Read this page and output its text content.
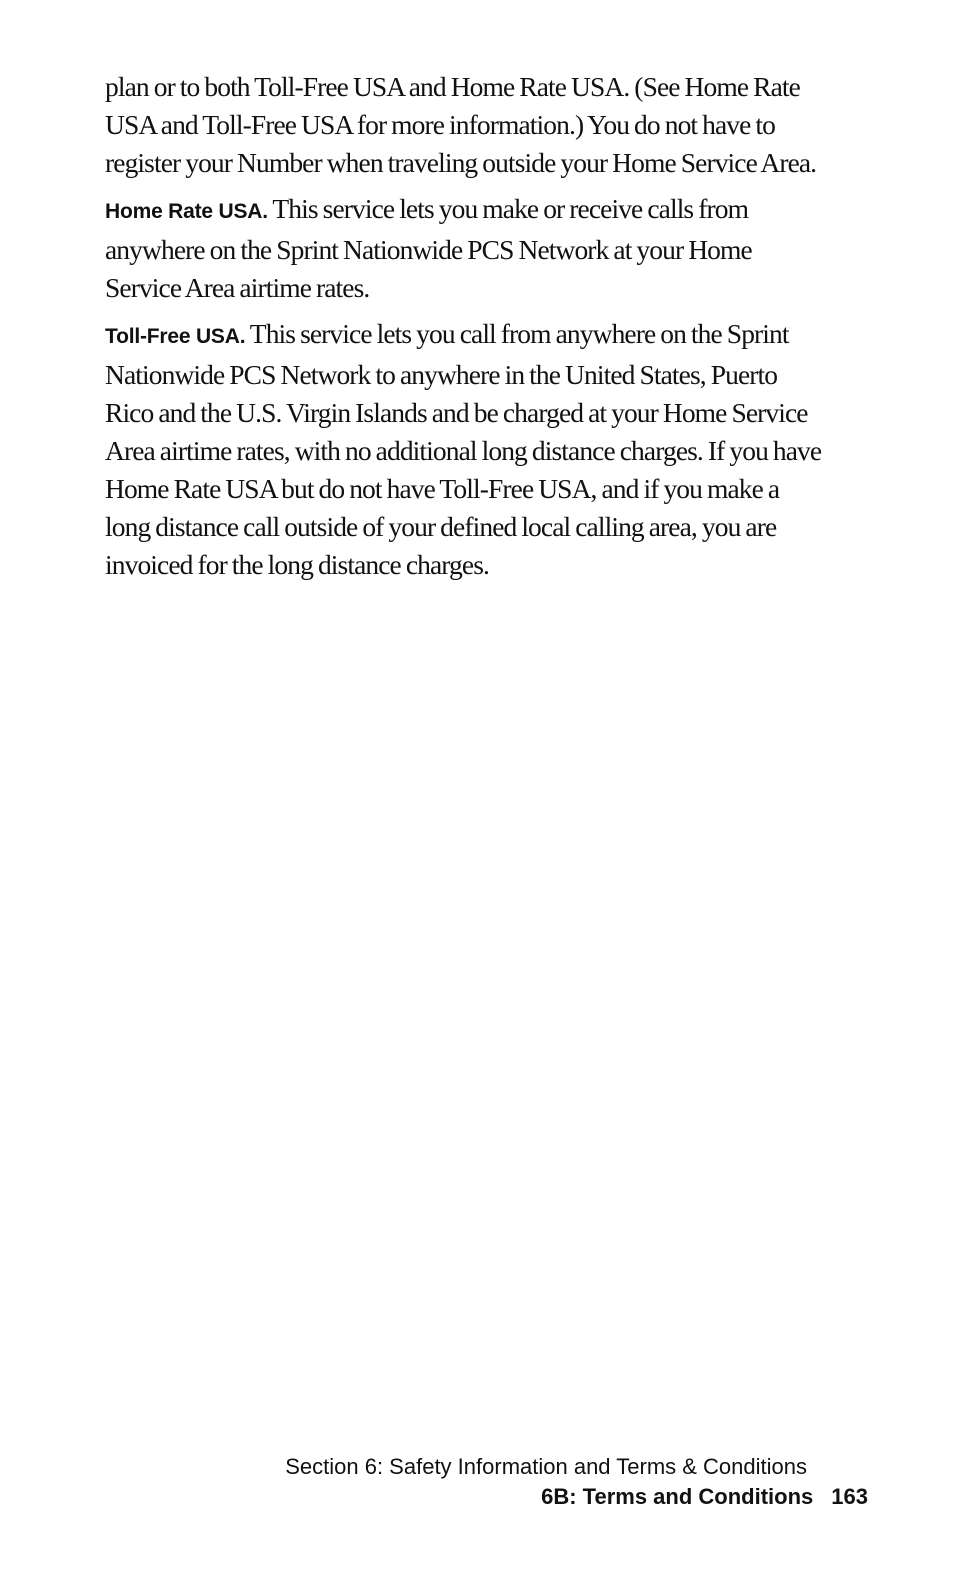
plan or to both Toll-Free USA and Home Rate USA. (See Home Rate USA and Toll-Free USA for more information.) You do not have to register your Number when traveling outside your Home Service Area.

Home Rate USA. This service lets you make or receive calls from anywhere on the Sprint Nationwide PCS Network at your Home Service Area airtime rates.

Toll-Free USA. This service lets you call from anywhere on the Sprint Nationwide PCS Network to anywhere in the United States, Puerto Rico and the U.S. Virgin Islands and be charged at your Home Service Area airtime rates, with no additional long distance charges. If you have Home Rate USA but do not have Toll-Free USA, and if you make a long distance call outside of your defined local calling area, you are invoiced for the long distance charges.

Section 6: Safety Information and Terms & Conditions
6B: Terms and Conditions 163
